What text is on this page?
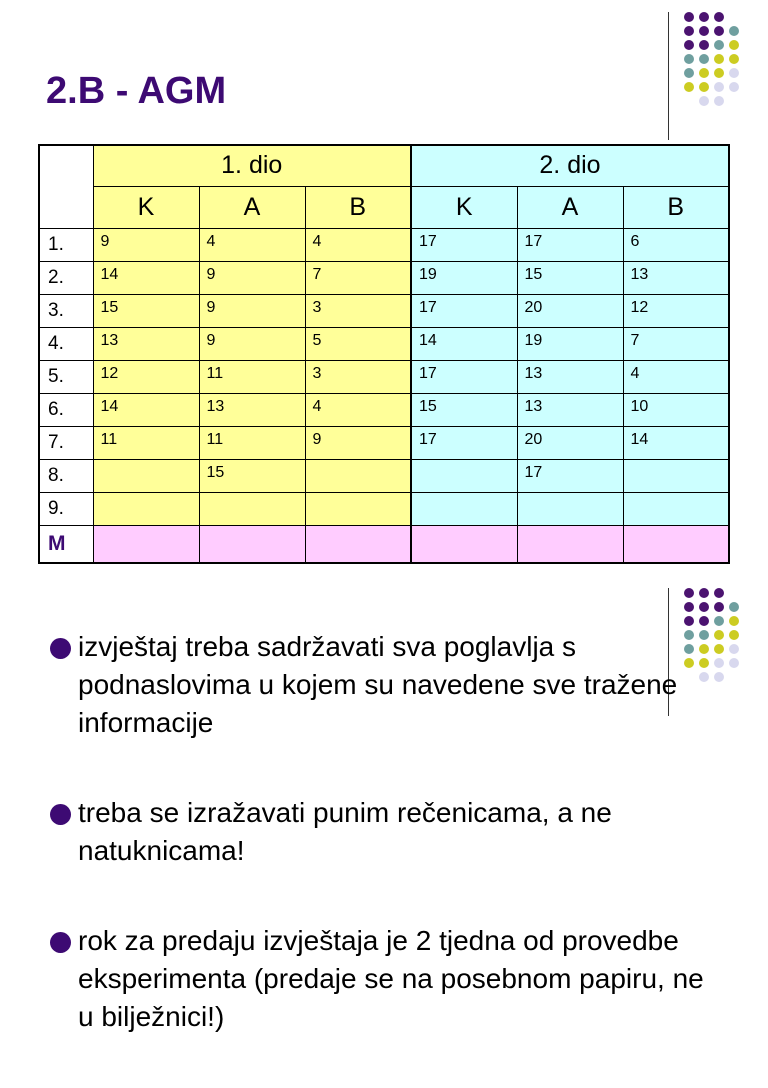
2.B - AGM
	1. dio			2. dio		
	K	A	B	K	A	B
1.	9	4	4	17	17	6
2.	14	9	7	19	15	13
3.	15	9	3	17	20	12
4.	13	9	5	14	19	7
5.	12	11	3	17	13	4
6.	14	13	4	15	13	10
7.	11	11	9	17	20	14
8.		15			17	
9.						
M						
izvještaj treba sadržavati sva poglavlja s podnaslovima u kojem su navedene sve tražene informacije
treba se izražavati punim rečenicama, a ne natuknicama!
rok za predaju izvještaja je 2 tjedna od provedbe eksperimenta (predaje se na posebnom papiru, ne u bilježnici!)
